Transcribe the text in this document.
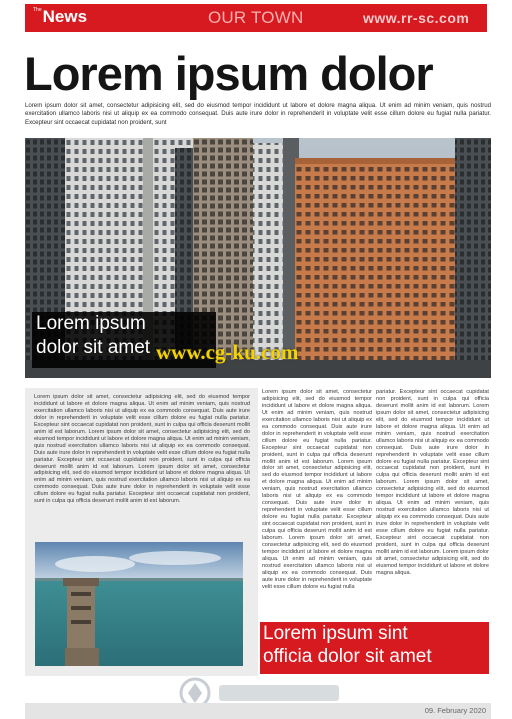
$^{The}$News	OUR TOWN	www.rr-sc.com
Lorem ipsum dolor

Lorem ipsum dolor sit amet, consectetur adipisicing elit, sed do eiusmod tempor incididunt ut labore et dolore magna aliqua. Ut enim ad minim veniam, quis nostrud exercitation ullamco laboris nisi ut aliquip ex ea commodo consequat. Duis aute irure dolor in reprehenderit in voluptate velit esse cillum dolore eu fugiat nulla pariatur. Excepteur sint occaecat cupidatat non proident, sunt

Lorem ipsum
dolor sit amet www.cg-ku.com

Lorem ipsum dolor sit amet, consectetur adipisicing elit, sed do eiusmod tempor incididunt ut labore et dolore magna aliqua. Ut enim ad minim veniam, quis nostrud exercitation ullamco laboris nisi ut aliquip ex ea commodo consequat. Duis aute irure dolor in reprehenderit in voluptate velit esse cillum dolore eu fugiat nulla pariatur. Excepteur sint occaecat cupidatat non proident, sunt in culpa qui officia deserunt mollit anim id est laborum. Lorem ipsum dolor sit amet, consectetur adipisicing elit, sed do eiusmod tempor incididunt ut labore et dolore magna aliqua. Ut enim ad minim veniam, quis nostrud exercitation ullamco laboris nisi ut aliquip ex ea commodo consequat. Duis aute irure dolor in reprehenderit in voluptate velit esse cillum dolore eu fugiat nulla pariatur. Excepteur sint occaecat cupidatat non proident, sunt in culpa qui officia deserunt mollit anim id est laborum. Lorem ipsum dolor sit amet, consectetur adipisicing elit, sed do eiusmod tempor incididunt ut labore et dolore magna aliqua. Ut enim ad minim veniam, quis nostrud exercitation ullamco laboris nisi ut aliquip ex ea commodo consequat. Duis aute irure dolor in reprehenderit in voluptate velit esse cillum dolore eu fugiat nulla pariatur. Excepteur sint occaecat cupidatat non proident, sunt in culpa qui officia deserunt mollit anim id est laborum.

Lorem ipsum dolor sit amet, consectetur adipisicing elit, sed do eiusmod tempor incididunt ut labore et dolore magna aliqua. Ut enim ad minim veniam, quis nostrud exercitation ullamco laboris nisi ut aliquip ex ea commodo consequat. Duis aute irure dolor in reprehenderit in voluptate velit esse cillum dolore eu fugiat nulla pariatur. Excepteur sint occaecat cupidatat non proident, sunt in culpa qui officia deserunt mollit anim id est laborum. Lorem ipsum dolor sit amet, consectetur adipisicing elit, sed do eiusmod tempor incididunt ut labore et dolore magna aliqua. Ut enim ad minim veniam, quis nostrud exercitation ullamco laboris nisi ut aliquip ex ea commodo consequat. Duis aute irure dolor in reprehenderit in voluptate velit esse cillum dolore eu fugiat nulla pariatur. Excepteur sint occaecat cupidatat non proident, sunt in culpa qui officia deserunt mollit anim id est laborum. Lorem ipsum dolor sit amet, consectetur adipisicing elit, sed do eiusmod tempor incididunt ut labore et dolore magna aliqua. Ut enim ad minim veniam, quis nostrud exercitation ullamco laboris nisi ut aliquip ex ea commodo consequat. Duis aute irure dolor in reprehenderit in voluptate velit esse cillum dolore eu fugiat nulla

pariatur. Excepteur sint occaecat cupidatat non proident, sunt in culpa qui officia deserunt mollit anim id est laborum. Lorem ipsum dolor sit amet, consectetur adipisicing elit, sed do eiusmod tempor incididunt ut labore et dolore magna aliqua. Ut enim ad minim veniam, quis nostrud exercitation ullamco laboris nisi ut aliquip ex ea commodo consequat. Duis aute irure dolor in reprehenderit in voluptate velit esse cillum dolore eu fugiat nulla pariatur. Excepteur sint occaecat cupidatat non proident, sunt in culpa qui officia deserunt mollit anim id est laborum. Lorem ipsum dolor sit amet, consectetur adipisicing elit, sed do eiusmod tempor incididunt ut labore et dolore magna aliqua. Ut enim ad minim veniam, quis nostrud exercitation ullamco laboris nisi ut aliquip ex ea commodo consequat. Duis aute irure dolor in reprehenderit in voluptate velit esse cillum dolore eu fugiat nulla pariatur. Excepteur sint occaecat cupidatat non proident, sunt in culpa qui officia deserunt mollit anim id est laborum. Lorem ipsum dolor sit amet, consectetur adipisicing elit, sed do eiusmod tempor incididunt ut labore et dolore magna aliqua.

Lorem ipsum sint
officia dolor sit amet
09. February 2020
